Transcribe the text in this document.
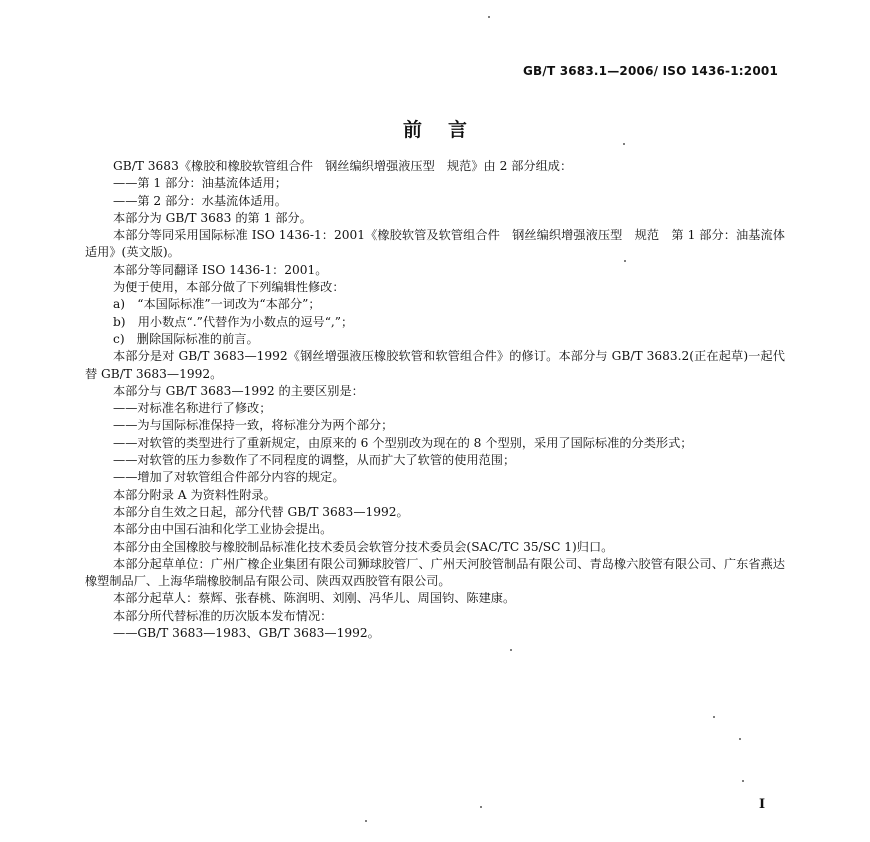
GB/T 3683.1—2006/ ISO 1436-1:2001
前言

GB/T 3683《橡胶和橡胶软管组合件　钢丝编织增强液压型　规范》由 2 部分组成：

——第 1 部分：油基流体适用；

——第 2 部分：水基流体适用。

本部分为 GB/T 3683 的第 1 部分。

本部分等同采用国际标准 ISO 1436-1：2001《橡胶软管及软管组合件　钢丝编织增强液压型　规范　第 1 部分：油基流体适用》(英文版)。

本部分等同翻译 ISO 1436-1：2001。

为便于使用，本部分做了下列编辑性修改：

a)　“本国际标准”一词改为“本部分”；

b)　用小数点“.”代替作为小数点的逗号“,”；

c)　删除国际标准的前言。

本部分是对 GB/T 3683—1992《钢丝增强液压橡胶软管和软管组合件》的修订。本部分与 GB/T 3683.2(正在起草)一起代替 GB/T 3683—1992。

本部分与 GB/T 3683—1992 的主要区别是：

——对标准名称进行了修改；

——为与国际标准保持一致，将标准分为两个部分；

——对软管的类型进行了重新规定，由原来的 6 个型别改为现在的 8 个型别，采用了国际标准的分类形式；

——对软管的压力参数作了不同程度的调整，从而扩大了软管的使用范围；

——增加了对软管组合件部分内容的规定。

本部分附录 A 为资料性附录。

本部分自生效之日起，部分代替 GB/T 3683—1992。

本部分由中国石油和化学工业协会提出。

本部分由全国橡胶与橡胶制品标准化技术委员会软管分技术委员会(SAC/TC 35/SC 1)归口。

本部分起草单位：广州广橡企业集团有限公司狮球胶管厂、广州天河胶管制品有限公司、青岛橡六胶管有限公司、广东省燕达橡塑制品厂、上海华瑞橡胶制品有限公司、陕西双西胶管有限公司。

本部分起草人：蔡辉、张春桃、陈润明、刘刚、冯华儿、周国钧、陈建康。

本部分所代替标准的历次版本发布情况：

——GB/T 3683—1983、GB/T 3683—1992。

I
